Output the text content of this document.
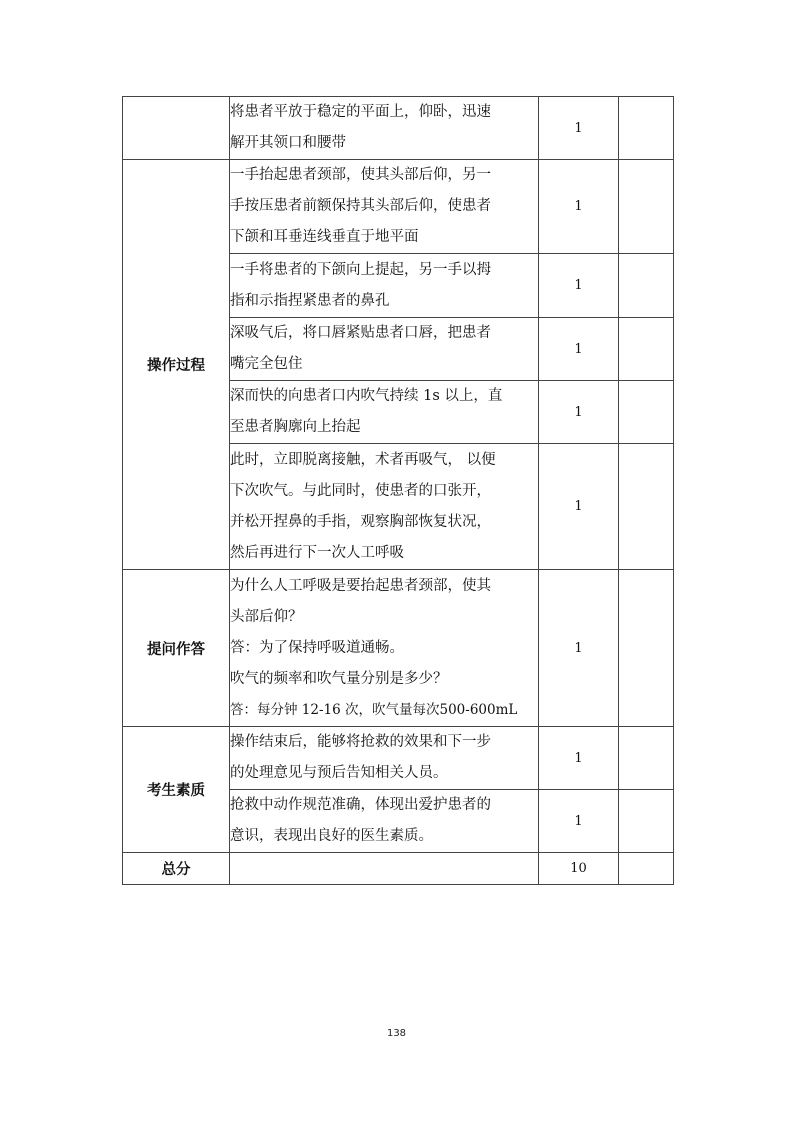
	将患者平放于稳定的平面上，仰卧，迅速
解开其领口和腰带	1	
操作过程	一手抬起患者颈部，使其头部后仰，另一
手按压患者前额保持其头部后仰，使患者
下颌和耳垂连线垂直于地平面	1	

	一手将患者的下颌向上提起，另一手以拇
指和示指捏紧患者的鼻孔	1	

	深吸气后，将口唇紧贴患者口唇，把患者
嘴完全包住	1	

	深而快的向患者口内吹气持续 1s 以上，直
至患者胸廓向上抬起	1	

	此时，立即脱离接触，术者再吸气， 以便
下次吹气。与此同时，使患者的口张开，
并松开捏鼻的手指，观察胸部恢复状况，
然后再进行下一次人工呼吸	1	
提问作答	为什么人工呼吸是要抬起患者颈部，使其
头部后仰？
答：为了保持呼吸道通畅。
吹气的频率和吹气量分别是多少？
答：每分钟 12-16 次，吹气量每次500-600mL	1	
考生素质	操作结束后，能够将抢救的效果和下一步
的处理意见与预后告知相关人员。	1	

	抢救中动作规范准确，体现出爱护患者的
意识，表现出良好的医生素质。	1	
总分		10	
138
